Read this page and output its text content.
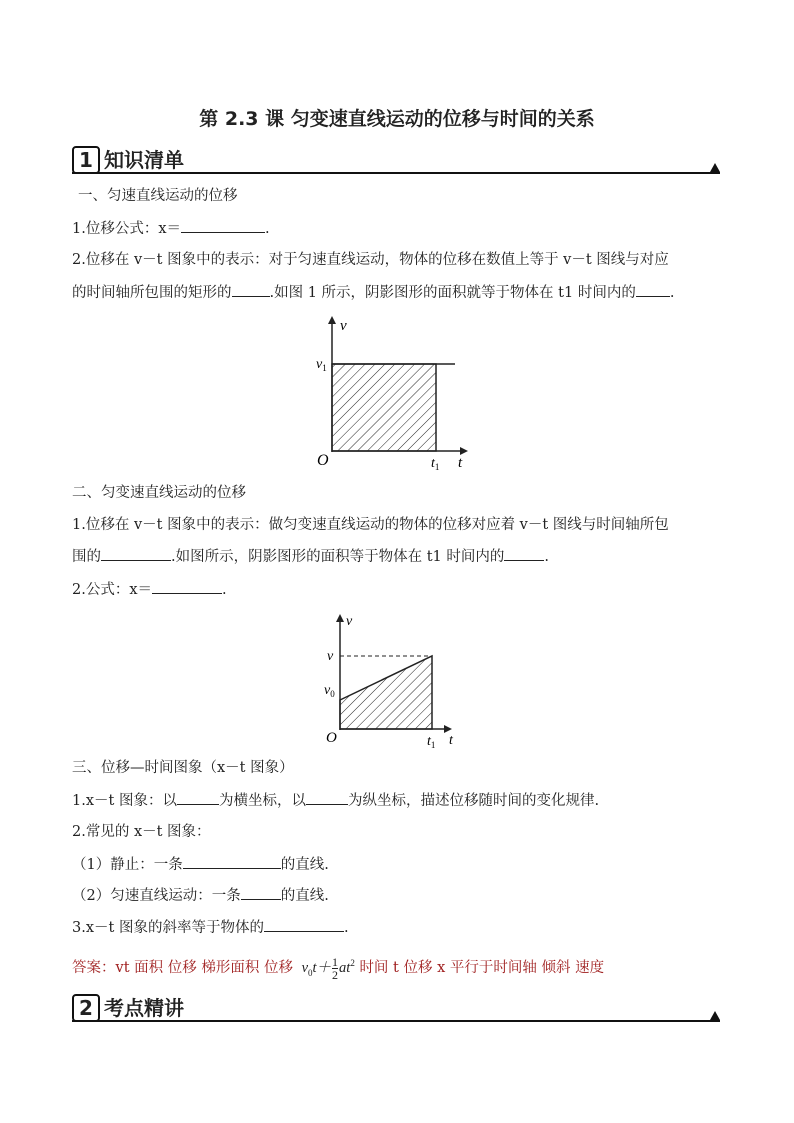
第 2.3 课 匀变速直线运动的位移与时间的关系
1 知识清单
一、匀速直线运动的位移
1.位移公式：x＝	.
2.位移在 v－t 图象中的表示：对于匀速直线运动，物体的位移在数值上等于 v－t 图线与对应
的时间轴所包围的矩形的	.如图 1 所示，阴影图形的面积就等于物体在 t1 时间内的 .
v
$v_1$
O	$t_1$ t
二、匀变速直线运动的位移
1.位移在 v－t 图象中的表示：做匀变速直线运动的物体的位移对应着 v－t 图线与时间轴所包
围的	.如图所示，阴影图形的面积等于物体在 t1 时间内的	.
2.公式：x＝	.
v
v
$v_0$
O	$t_1$ t
三、位移—时间图象（x－t 图象）
1.x－t 图象：以	为横坐标，以	为纵坐标，描述位移随时间的变化规律.
2.常见的 x－t 图象：
（1）静止：一条	的直线.
（2）匀速直线运动：一条	的直线.
3.x－t 图象的斜率等于物体的	.
答案：vt 面积 位移 梯形面积 位移 $v_0t+ \frac{1}{2} at^2$ 时间 t 位移 x 平行于时间轴 倾斜 速度
2 考点精讲
